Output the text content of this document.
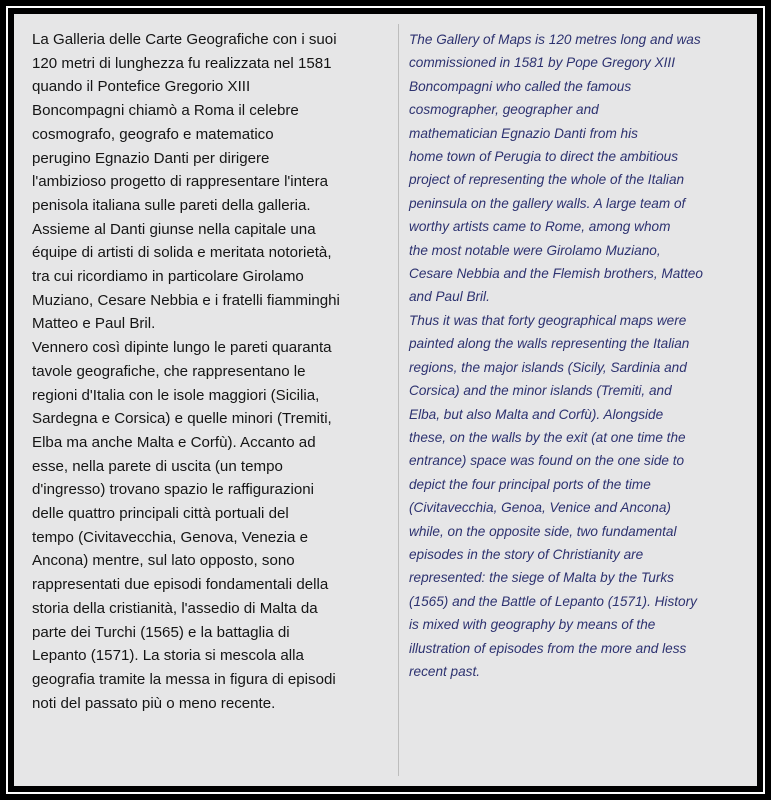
La Galleria delle Carte Geografiche con i suoi
120 metri di lunghezza fu realizzata nel 1581
quando il Pontefice Gregorio XIII
Boncompagni chiamò a Roma il celebre
cosmografo, geografo e matematico
perugino Egnazio Danti per dirigere
l'ambizioso progetto di rappresentare l'intera
penisola italiana sulle pareti della galleria.
Assieme al Danti giunse nella capitale una
équipe di artisti di solida e meritata notorietà,
tra cui ricordiamo in particolare Girolamo
Muziano, Cesare Nebbia e i fratelli fiamminghi
Matteo e Paul Bril.
Vennero così dipinte lungo le pareti quaranta
tavole geografiche, che rappresentano le
regioni d'Italia con le isole maggiori (Sicilia,
Sardegna e Corsica) e quelle minori (Tremiti,
Elba ma anche Malta e Corfù). Accanto ad
esse, nella parete di uscita (un tempo
d'ingresso) trovano spazio le raffigurazioni
delle quattro principali città portuali del
tempo (Civitavecchia, Genova, Venezia e
Ancona) mentre, sul lato opposto, sono
rappresentati due episodi fondamentali della
storia della cristianità, l'assedio di Malta da
parte dei Turchi (1565) e la battaglia di
Lepanto (1571). La storia si mescola alla
geografia tramite la messa in figura di episodi
noti del passato più o meno recente.
The Gallery of Maps is 120 metres long and was
commissioned in 1581 by Pope Gregory XIII
Boncompagni who called the famous
cosmographer, geographer and
mathematician Egnazio Danti from his
home town of Perugia to direct the ambitious
project of representing the whole of the Italian
peninsula on the gallery walls. A large team of
worthy artists came to Rome, among whom
the most notable were Girolamo Muziano,
Cesare Nebbia and the Flemish brothers, Matteo
and Paul Bril.
Thus it was that forty geographical maps were
painted along the walls representing the Italian
regions, the major islands (Sicily, Sardinia and
Corsica) and the minor islands (Tremiti, and
Elba, but also Malta and Corfù). Alongside
these, on the walls by the exit (at one time the
entrance) space was found on the one side to
depict the four principal ports of the time
(Civitavecchia, Genoa, Venice and Ancona)
while, on the opposite side, two fundamental
episodes in the story of Christianity are
represented: the siege of Malta by the Turks
(1565) and the Battle of Lepanto (1571). History
is mixed with geography by means of the
illustration of episodes from the more and less
recent past.
